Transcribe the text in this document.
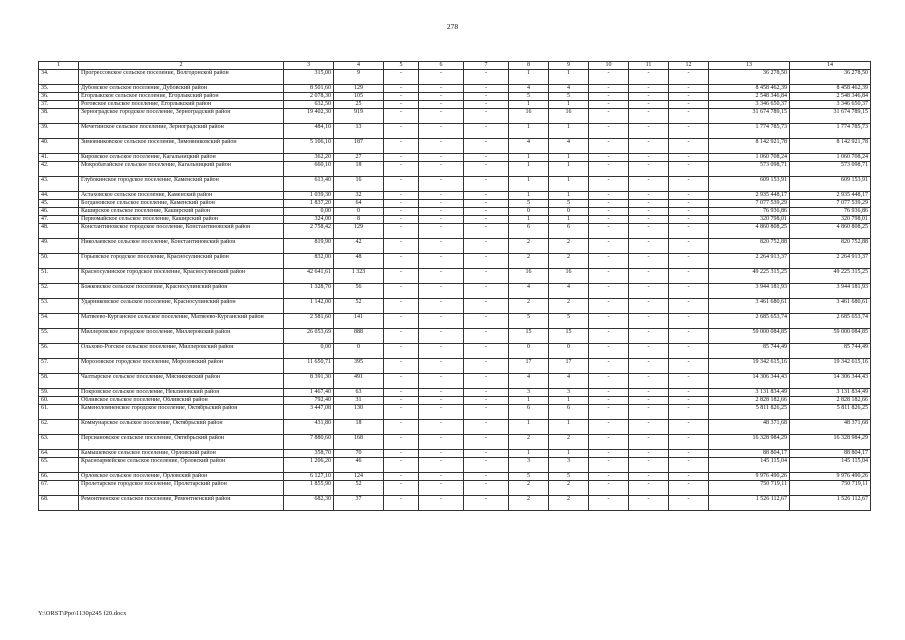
278
1	2	3	4	5	6	7	8	9	10	11	12	13	14
34.	Прогрессовское сельское поселение, Волгодонской район	315,00	9	-	-	-	1	1	-	-	-	36 278,50	36 278,50
35.	Дубовское сельское поселение, Дубовский район	8 501,60	129	-	-	-	4	4	-	-	-	8 458 462,39	8 458 462,39
36.	Егорлыкское сельское поселение, Егорлыкский район	2 078,30	105	-	-	-	5	5	-	-	-	2 548 346,84	2 548 346,84
37.	Роговское сельское поселение, Егорлыкский район	632,50	25	-	-	-	1	1	-	-	-	3 346 650,37	3 346 650,37
38.	Зерноградское городское поселение, Зерноградский район	19 402,30	919	-	-	-	16	16	-	-	-	31 674 789,15	31 674 789,15
39.	Мечетинское сельское поселение, Зерноградский район	484,10	13	-	-	-	1	1	-	-	-	1 774 785,73	1 774 785,73
40.	Зимовниковское сельское поселение, Зимовниковский район	5 106,10	187	-	-	-	4	4	-	-	-	8 142 921,78	8 142 921,78
41.	Кировское сельское поселение, Кагальницкий район	362,20	27	-	-	-	1	1	-	-	-	1 060 708,24	1 060 708,24
42.	Мокробатайское сельское поселение, Кагальницкий район	660,10	18	-	-	-	1	1	-	-	-	573 098,71	573 098,71
43.	Глубокинское городское поселение, Каменский район	613,40	16	-	-	-	1	1	-	-	-	609 153,91	609 153,91
44.	Астаховское сельское поселение, Каменский район	1 039,30	32	-	-	-	1	1	-	-	-	2 935 448,17	2 935 448,17
45.	Богдановское сельское поселение, Каменский район	1 837,20	64	-	-	-	5	5	-	-	-	7 077 539,29	7 077 539,29
46.	Каширское сельское поселение, Каширский район	0,00	0	-	-	-	0	0	-	-	-	76 936,86	76 936,86
47.	Первомайское сельское поселение, Каширский район	324,00	8	-	-	-	1	1	-	-	-	320 798,01	320 798,01
48.	Константиновское городское поселение, Константиновский район	2 758,42	129	-	-	-	6	6	-	-	-	4 860 808,25	4 860 808,25
49.	Николаевское сельское поселение, Константиновский район	819,90	42	-	-	-	2	2	-	-	-	820 752,88	820 752,88
50.	Горьевское городское поселение, Красносулинский район	832,00	48	-	-	-	2	2	-	-	-	2 264 913,37	2 264 913,37
51.	Красносулинское городское поселение, Красносулинский район	42 641,61	1 323	-	-	-	16	16	-	-	-	49 225 315,25	49 225 315,25
52.	Божковское сельское поселение, Красносулинский район	1 328,70	56	-	-	-	4	4	-	-	-	3 944 181,93	3 944 181,93
53.	Ударниковское сельское поселение, Красносулинский район	1 142,00	52	-	-	-	2	2	-	-	-	3 461 680,61	3 461 680,61
54.	Матвеево-Курганское сельское поселение, Матвеево-Курганский район	2 581,60	141	-	-	-	5	5	-	-	-	2 685 653,74	2 685 653,74
55.	Миллеровское городское поселение, Миллеровский район	26 053,69	888	-	-	-	15	15	-	-	-	59 000 084,85	59 000 084,85
56.	Ольхово-Рогское сельское поселение, Миллеровский район	0,00	0	-	-	-	0	0	-	-	-	85 744,49	85 744,49
57.	Морозовское городское поселение, Морозовский район	11 650,71	395	-	-	-	17	17	-	-	-	19 342 615,16	19 342 615,16
58.	Чалтырское сельское поселение, Мясниковский район	8 391,30	491	-	-	-	4	4	-	-	-	14 306 344,43	14 306 344,43
59.	Покровское сельское поселение, Неклиновский район	1 467,40	63	-	-	-	3	3	-	-	-	3 131 834,49	3 131 834,49
60.	Обливское сельское поселение, Обливский район	792,40	31	-	-	-	1	1	-	-	-	2 828 182,66	2 828 182,66
61.	Каменоломненское городское поселение, Октябрьский район	3 447,08	130	-	-	-	6	6	-	-	-	5 811 826,25	5 811 826,25
62.	Коммунарское сельское поселение, Октябрьский район	431,80	18	-	-	-	1	1	-	-	-	48 371,68	48 371,68
63.	Персиановское сельское поселение, Октябрьский район	7 880,60	168	-	-	-	2	2	-	-	-	16 328 984,29	16 328 984,29
64.	Камышевское сельское поселение, Орловский район	358,70	70	-	-	-	1	1	-	-	-	88 804,17	88 804,17
65.	Красноармейское сельское поселение, Орловский район	1 206,20	46	-	-	-	3	3	-	-	-	145 115,04	145 115,04
66.	Орловское сельское поселение, Орловский район	6 127,10	124	-	-	-	5	5	-	-	-	9 976 490,26	9 976 490,26
67.	Пролетарское городское поселение, Пролетарский район	1 855,90	52	-	-	-	2	2	-	-	-	750 719,11	750 719,11
68.	Ремонтненское сельское поселение, Ремонтненский район	682,30	37	-	-	-	2	2	-	-	-	1 526 112,67	1 526 112,67
Y:\ORST\Ppo\1130p245 f20.docx
